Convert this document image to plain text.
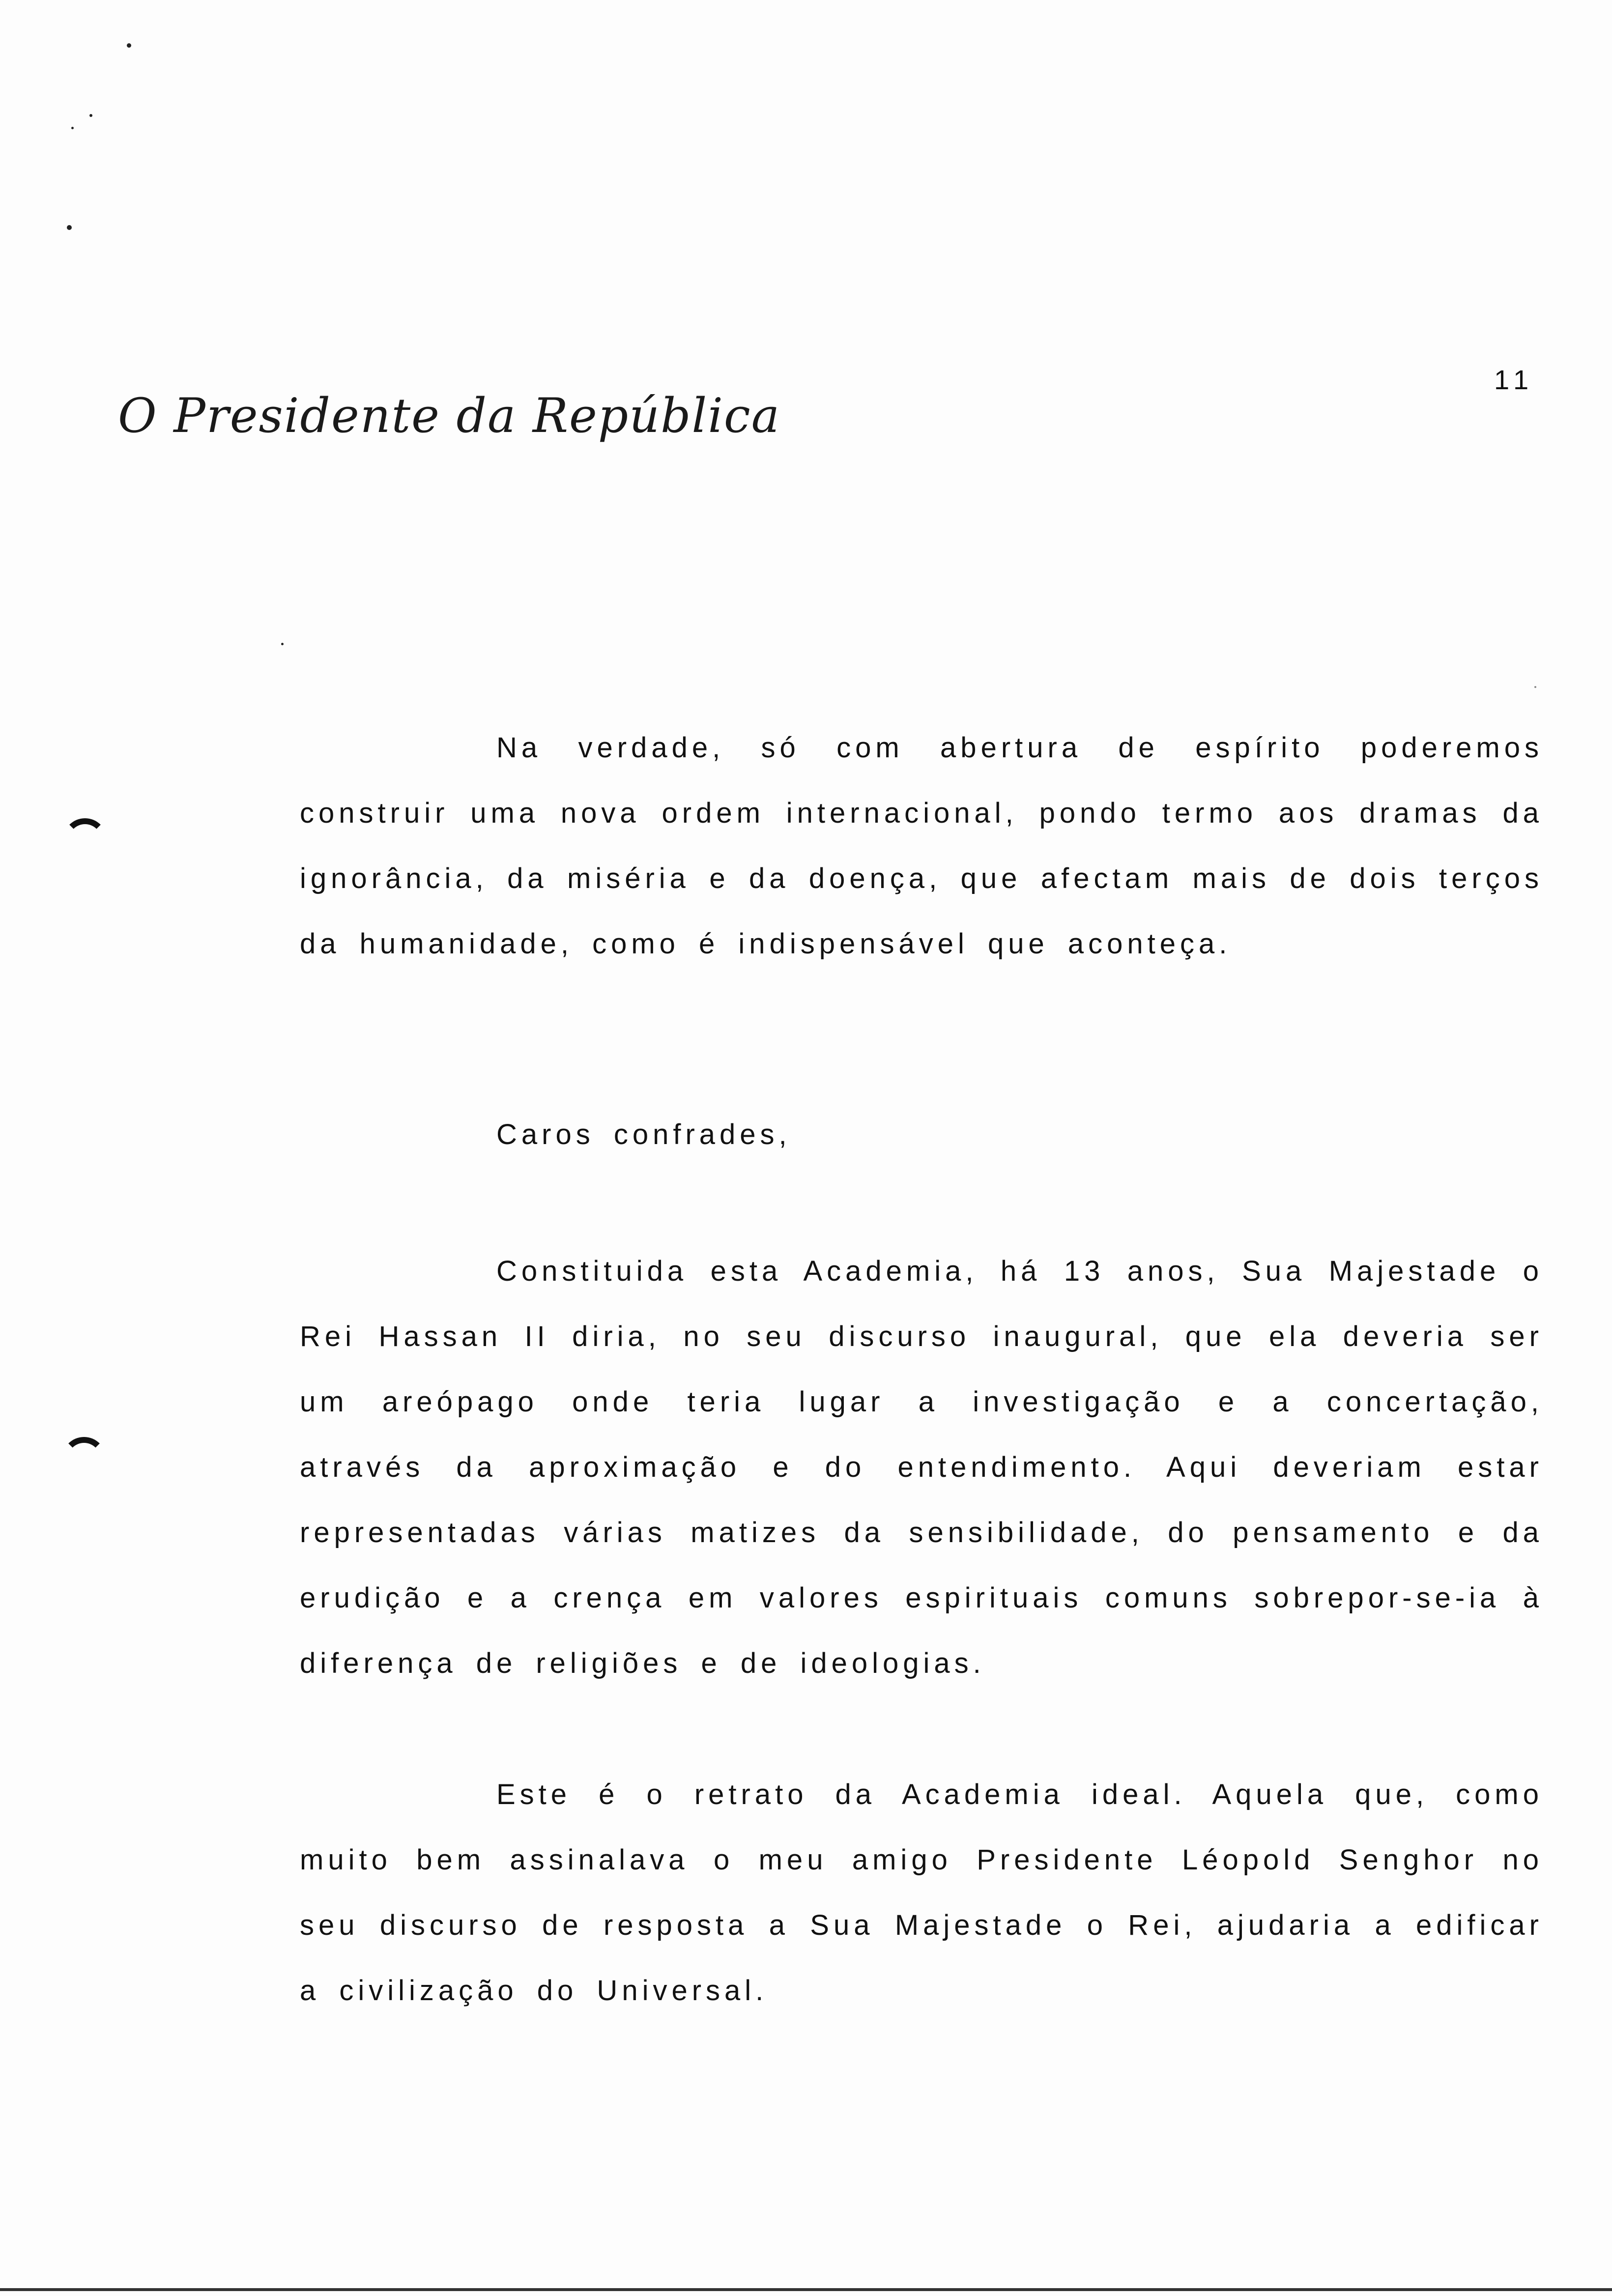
O Presidente da República
11

Na verdade, só com abertura de espírito poderemos construir uma nova ordem internacional, pondo termo aos dramas da ignorância, da miséria e da doença, que afectam mais de dois terços da humanidade, como é indispensável que aconteça.

Caros confrades,

Constituida esta Academia, há 13 anos, Sua Majestade o Rei Hassan II diria, no seu discurso inaugural, que ela deveria ser um areópago onde teria lugar a investigação e a concertação, através da aproximação e do entendimento. Aqui deveriam estar representadas várias matizes da sensibilidade, do pensamento e da erudição e a crença em valores espirituais comuns sobrepor-se-ia à diferença de religiões e de ideologias.

Este é o retrato da Academia ideal. Aquela que, como muito bem assinalava o meu amigo Presidente Léopold Senghor no seu discurso de resposta a Sua Majestade o Rei, ajudaria a edificar a civilização do Universal.
